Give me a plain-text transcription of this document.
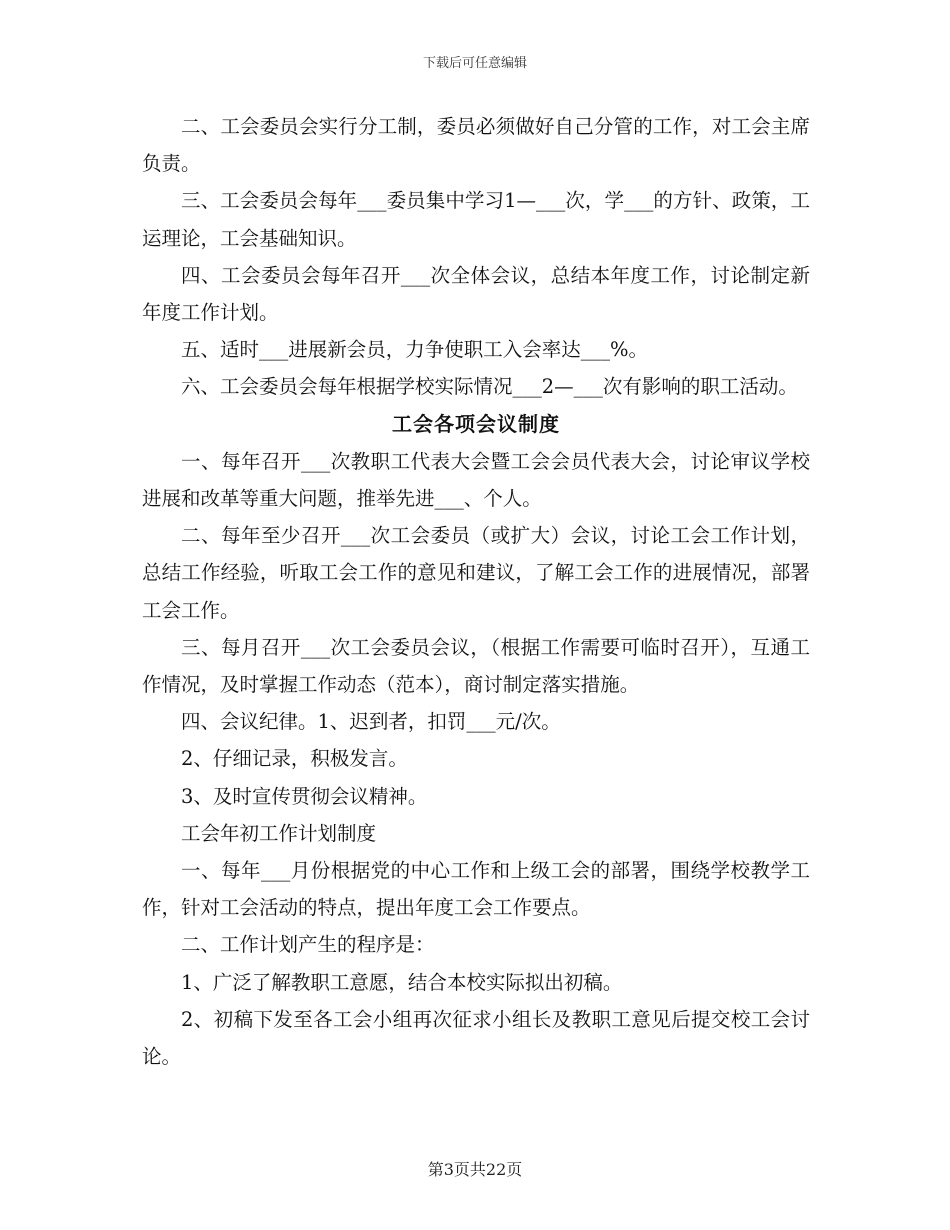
下载后可任意编辑

二、工会委员会实行分工制，委员必须做好自己分管的工作，对工会主席负责。

三、工会委员会每年___委员集中学习1—___次，学___的方针、政策，工运理论，工会基础知识。

四、工会委员会每年召开___次全体会议，总结本年度工作，讨论制定新年度工作计划。

五、适时___进展新会员，力争使职工入会率达___%。

六、工会委员会每年根据学校实际情况___2—___次有影响的职工活动。

工会各项会议制度

一、每年召开___次教职工代表大会暨工会会员代表大会，讨论审议学校进展和改革等重大问题，推举先进___、个人。

二、每年至少召开___次工会委员（或扩大）会议，讨论工会工作计划，总结工作经验，听取工会工作的意见和建议，了解工会工作的进展情况，部署工会工作。

三、每月召开___次工会委员会议，（根据工作需要可临时召开），互通工作情况，及时掌握工作动态（范本），商讨制定落实措施。

四、会议纪律。1、迟到者，扣罚___元/次。

2、仔细记录，积极发言。

3、及时宣传贯彻会议精神。

工会年初工作计划制度

一、每年___月份根据党的中心工作和上级工会的部署，围绕学校教学工作，针对工会活动的特点，提出年度工会工作要点。

二、工作计划产生的程序是：

1、广泛了解教职工意愿，结合本校实际拟出初稿。

2、初稿下发至各工会小组再次征求小组长及教职工意见后提交校工会讨论。

第3页共22页
